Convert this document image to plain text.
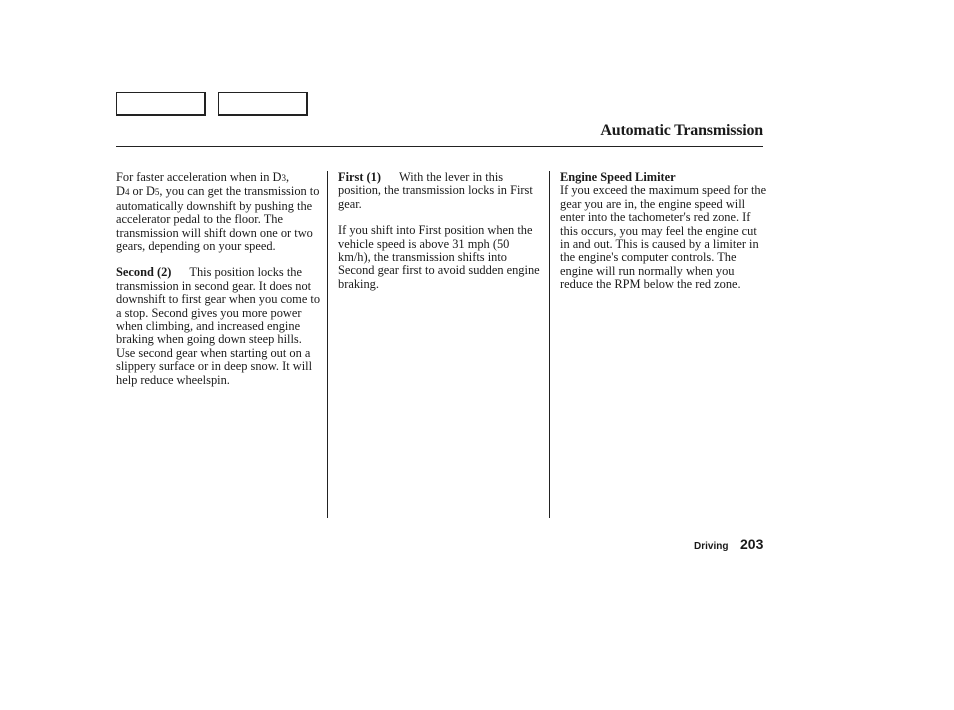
Automatic Transmission

For faster acceleration when in D3,
D4 or D5, you can get the transmission to automatically downshift by pushing the accelerator pedal to the floor. The transmission will shift down one or two gears, depending on your speed.

Second (2) This position locks the transmission in second gear. It does not downshift to first gear when you come to a stop. Second gives you more power when climbing, and increased engine braking when going down steep hills. Use second gear when starting out on a slippery surface or in deep snow. It will help reduce wheelspin.

First (1) With the lever in this position, the transmission locks in First gear.

If you shift into First position when the vehicle speed is above 31 mph (50 km/h), the transmission shifts into Second gear first to avoid sudden engine braking.

Engine Speed Limiter

If you exceed the maximum speed for the gear you are in, the engine speed will enter into the tachometer's red zone. If this occurs, you may feel the engine cut in and out. This is caused by a limiter in the engine's computer controls. The engine will run normally when you reduce the RPM below the red zone.

Driving 203
